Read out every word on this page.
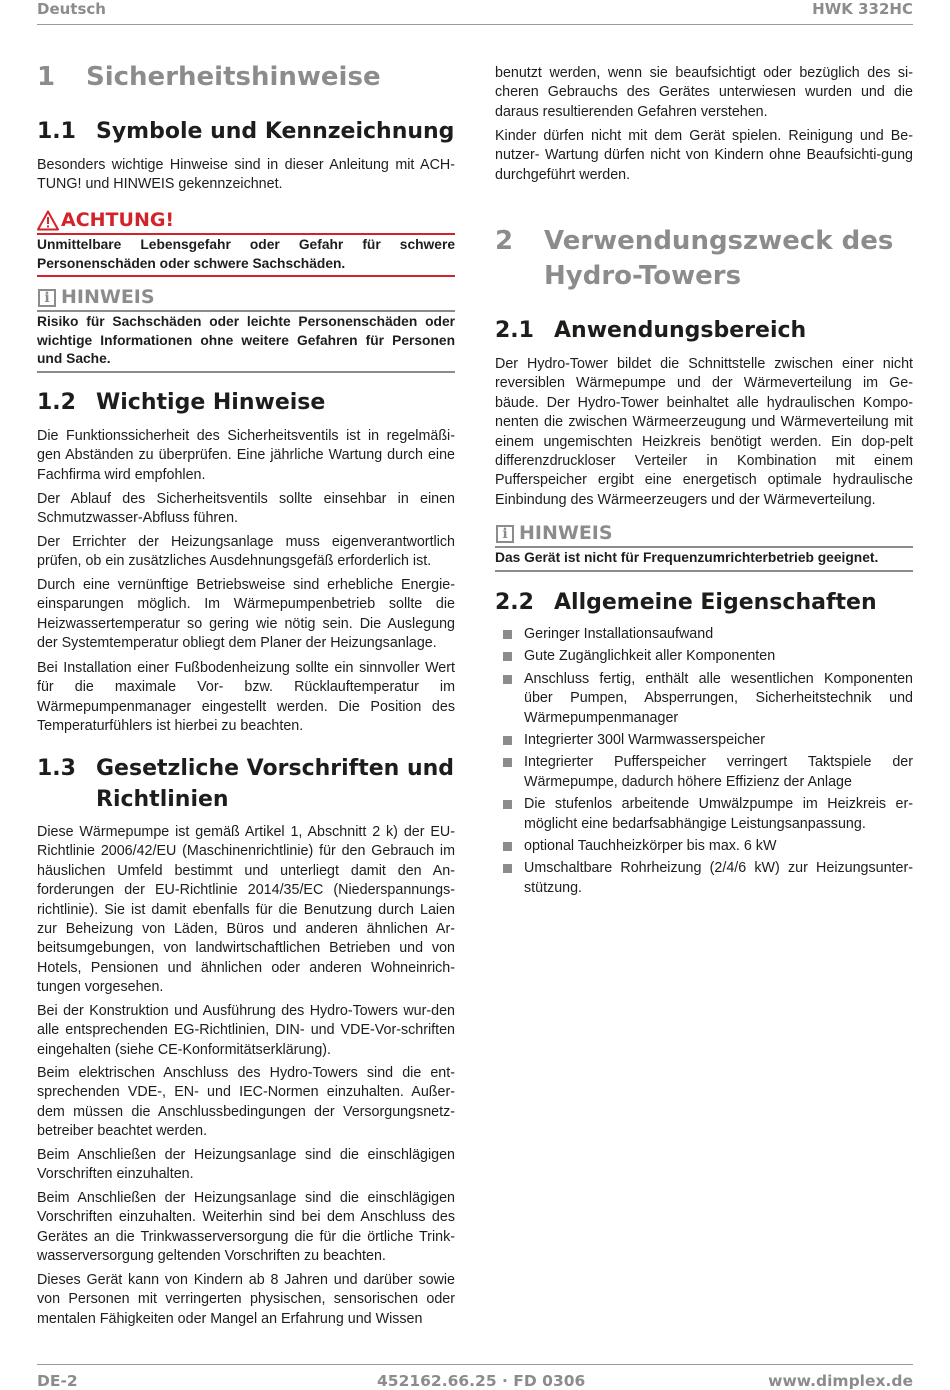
Deutsch	HWK 332HC
1	Sicherheitshinweise
1.1 Symbole und Kennzeichnung

Besonders wichtige Hinweise sind in dieser Anleitung mit ACH-TUNG! und HINWEIS gekennzeichnet.

ACHTUNG!
Unmittelbare Lebensgefahr oder Gefahr für schwere Personenschäden oder schwere Sachschäden.
i HINWEIS
Risiko für Sachschäden oder leichte Personenschäden oder wichtige Informationen ohne weitere Gefahren für Personen und Sache.
1.2 Wichtige Hinweise

Die Funktionssicherheit des Sicherheitsventils ist in regelmäßi-gen Abständen zu überprüfen. Eine jährliche Wartung durch eine Fachfirma wird empfohlen.

Der Ablauf des Sicherheitsventils sollte einsehbar in einen Schmutzwasser-Abfluss führen.

Der Errichter der Heizungsanlage muss eigenverantwortlich prüfen, ob ein zusätzliches Ausdehnungsgefäß erforderlich ist.

Durch eine vernünftige Betriebsweise sind erhebliche Energie-einsparungen möglich. Im Wärmepumpenbetrieb sollte die Heizwassertemperatur so gering wie nötig sein. Die Auslegung der Systemtemperatur obliegt dem Planer der Heizungsanlage.

Bei Installation einer Fußbodenheizung sollte ein sinnvoller Wert für die maximale Vor- bzw. Rücklauftemperatur im Wärmepumpenmanager eingestellt werden. Die Position des Temperaturfühlers ist hierbei zu beachten.

1.3 Gesetzliche Vorschriften und Richtlinien

Diese Wärmepumpe ist gemäß Artikel 1, Abschnitt 2 k) der EU-Richtlinie 2006/42/EU (Maschinenrichtlinie) für den Gebrauch im häuslichen Umfeld bestimmt und unterliegt damit den An-forderungen der EU-Richtlinie 2014/35/EC (Niederspannungs-richtlinie). Sie ist damit ebenfalls für die Benutzung durch Laien zur Beheizung von Läden, Büros und anderen ähnlichen Ar-beitsumgebungen, von landwirtschaftlichen Betrieben und von Hotels, Pensionen und ähnlichen oder anderen Wohneinrich-tungen vorgesehen.

Bei der Konstruktion und Ausführung des Hydro-Towers wur-den alle entsprechenden EG-Richtlinien, DIN- und VDE-Vor-schriften eingehalten (siehe CE-Konformitätserklärung).

Beim elektrischen Anschluss des Hydro-Towers sind die ent-sprechenden VDE-, EN- und IEC-Normen einzuhalten. Außer-dem müssen die Anschlussbedingungen der Versorgungsnetz-betreiber beachtet werden.

Beim Anschließen der Heizungsanlage sind die einschlägigen Vorschriften einzuhalten.

Beim Anschließen der Heizungsanlage sind die einschlägigen Vorschriften einzuhalten. Weiterhin sind bei dem Anschluss des Gerätes an die Trinkwasserversorgung die für die örtliche Trink-wasserversorgung geltenden Vorschriften zu beachten.

Dieses Gerät kann von Kindern ab 8 Jahren und darüber sowie von Personen mit verringerten physischen, sensorischen oder mentalen Fähigkeiten oder Mangel an Erfahrung und Wissen

benutzt werden, wenn sie beaufsichtigt oder bezüglich des si-cheren Gebrauchs des Gerätes unterwiesen wurden und die daraus resultierenden Gefahren verstehen.

Kinder dürfen nicht mit dem Gerät spielen. Reinigung und Be-nutzer- Wartung dürfen nicht von Kindern ohne Beaufsichti-gung durchgeführt werden.

2	Verwendungszweck des
Hydro-Towers
2.1 Anwendungsbereich

Der Hydro-Tower bildet die Schnittstelle zwischen einer nicht reversiblen Wärmepumpe und der Wärmeverteilung im Ge-bäude. Der Hydro-Tower beinhaltet alle hydraulischen Kompo-nenten die zwischen Wärmeerzeugung und Wärmeverteilung mit einem ungemischten Heizkreis benötigt werden. Ein dop-pelt differenzdruckloser Verteiler in Kombination mit einem Pufferspeicher ergibt eine energetisch optimale hydraulische Einbindung des Wärmeerzeugers und der Wärmeverteilung.

i HINWEIS
Das Gerät ist nicht für Frequenzumrichterbetrieb geeignet.
2.2 Allgemeine Eigenschaften
Geringer Installationsaufwand
Gute Zugänglichkeit aller Komponenten
Anschluss fertig, enthält alle wesentlichen Komponenten über Pumpen, Absperrungen, Sicherheitstechnik und Wärmepumpenmanager
Integrierter 300l Warmwasserspeicher
Integrierter Pufferspeicher verringert Taktspiele der Wärmepumpe, dadurch höhere Effizienz der Anlage
Die stufenlos arbeitende Umwälzpumpe im Heizkreis er-möglicht eine bedarfsabhängige Leistungsanpassung.
optional Tauchheizkörper bis max. 6 kW
Umschaltbare Rohrheizung (2/4/6 kW) zur Heizungsunter-stützung.
DE-2	452162.66.25 · FD 0306	www.dimplex.de
